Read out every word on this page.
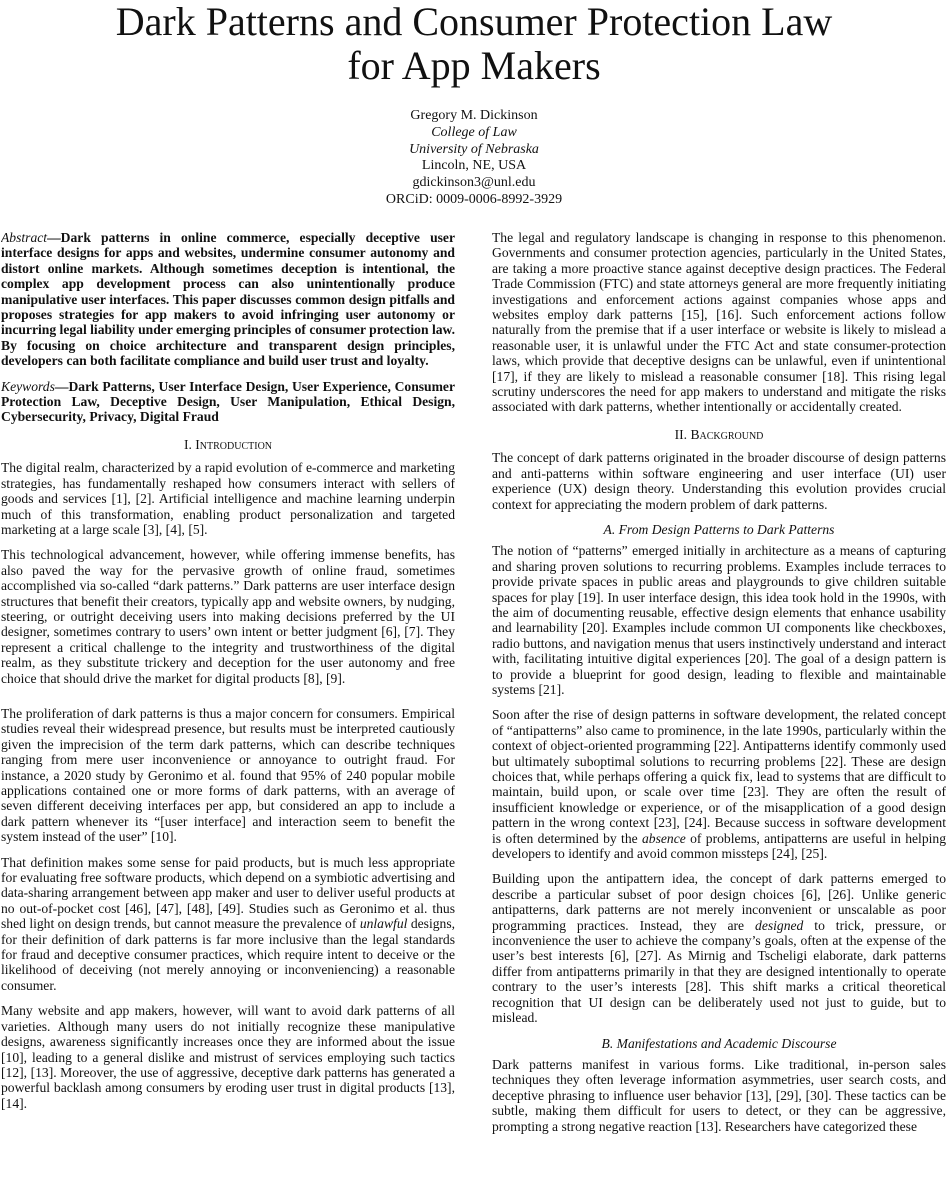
Dark Patterns and Consumer Protection Law
for App Makers
Gregory M. Dickinson
College of Law
University of Nebraska
Lincoln, NE, USA
gdickinson3@unl.edu
ORCiD: 0009-0006-8992-3929

Abstract—Dark patterns in online commerce, especially deceptive user interface designs for apps and websites, undermine consumer autonomy and distort online markets. Although sometimes deception is intentional, the complex app development process can also unintentionally produce manipulative user interfaces. This paper discusses common design pitfalls and proposes strategies for app makers to avoid infringing user autonomy or incurring legal liability under emerging principles of consumer protection law. By focusing on choice architecture and transparent design principles, developers can both facilitate compliance and build user trust and loyalty.

Keywords—Dark Patterns, User Interface Design, User Experience, Consumer Protection Law, Deceptive Design, User Manipulation, Ethical Design, Cybersecurity, Privacy, Digital Fraud

I. Introduction

The digital realm, characterized by a rapid evolution of e-commerce and marketing strategies, has fundamentally reshaped how consumers interact with sellers of goods and services [1], [2]. Artificial intelligence and machine learning underpin much of this transformation, enabling product personalization and targeted marketing at a large scale [3], [4], [5].

This technological advancement, however, while offering immense benefits, has also paved the way for the pervasive growth of online fraud, sometimes accomplished via so-called “dark patterns.” Dark patterns are user interface design structures that benefit their creators, typically app and website owners, by nudging, steering, or outright deceiving users into making decisions preferred by the UI designer, sometimes contrary to users’ own intent or better judgment [6], [7]. They represent a critical challenge to the integrity and trustworthiness of the digital realm, as they substitute trickery and deception for the user autonomy and free choice that should drive the market for digital products [8], [9].

The proliferation of dark patterns is thus a major concern for consumers. Empirical studies reveal their widespread presence, but results must be interpreted cautiously given the imprecision of the term dark patterns, which can describe techniques ranging from mere user inconvenience or annoyance to outright fraud. For instance, a 2020 study by Geronimo et al. found that 95% of 240 popular mobile applications contained one or more forms of dark patterns, with an average of seven different deceiving interfaces per app, but considered an app to include a dark pattern whenever its “[user interface] and interaction seem to benefit the system instead of the user” [10].

That definition makes some sense for paid products, but is much less appropriate for evaluating free software products, which depend on a symbiotic advertising and data-sharing arrangement between app maker and user to deliver useful products at no out-of-pocket cost [46], [47], [48], [49]. Studies such as Geronimo et al. thus shed light on design trends, but cannot measure the prevalence of unlawful designs, for their definition of dark patterns is far more inclusive than the legal standards for fraud and deceptive consumer practices, which require intent to deceive or the likelihood of deceiving (not merely annoying or inconveniencing) a reasonable consumer.

Many website and app makers, however, will want to avoid dark patterns of all varieties. Although many users do not initially recognize these manipulative designs, awareness significantly increases once they are informed about the issue [10], leading to a general dislike and mistrust of services employing such tactics [12], [13]. Moreover, the use of aggressive, deceptive dark patterns has generated a powerful backlash among consumers by eroding user trust in digital products [13], [14].

The legal and regulatory landscape is changing in response to this phenomenon. Governments and consumer protection agencies, particularly in the United States, are taking a more proactive stance against deceptive design practices. The Federal Trade Commission (FTC) and state attorneys general are more frequently initiating investigations and enforcement actions against companies whose apps and websites employ dark patterns [15], [16]. Such enforcement actions follow naturally from the premise that if a user interface or website is likely to mislead a reasonable user, it is unlawful under the FTC Act and state consumer-protection laws, which provide that deceptive designs can be unlawful, even if unintentional [17], if they are likely to mislead a reasonable consumer [18]. This rising legal scrutiny underscores the need for app makers to understand and mitigate the risks associated with dark patterns, whether intentionally or accidentally created.

II. Background

The concept of dark patterns originated in the broader discourse of design patterns and anti-patterns within software engineering and user interface (UI) user experience (UX) design theory. Understanding this evolution provides crucial context for appreciating the modern problem of dark patterns.

A. From Design Patterns to Dark Patterns

The notion of “patterns” emerged initially in architecture as a means of capturing and sharing proven solutions to recurring problems. Examples include terraces to provide private spaces in public areas and playgrounds to give children suitable spaces for play [19]. In user interface design, this idea took hold in the 1990s, with the aim of documenting reusable, effective design elements that enhance usability and learnability [20]. Examples include common UI components like checkboxes, radio buttons, and navigation menus that users instinctively understand and interact with, facilitating intuitive digital experiences [20]. The goal of a design pattern is to provide a blueprint for good design, leading to flexible and maintainable systems [21].

Soon after the rise of design patterns in software development, the related concept of “antipatterns” also came to prominence, in the late 1990s, particularly within the context of object-oriented programming [22]. Antipatterns identify commonly used but ultimately suboptimal solutions to recurring problems [22]. These are design choices that, while perhaps offering a quick fix, lead to systems that are difficult to maintain, build upon, or scale over time [23]. They are often the result of insufficient knowledge or experience, or of the misapplication of a good design pattern in the wrong context [23], [24]. Because success in software development is often determined by the absence of problems, antipatterns are useful in helping developers to identify and avoid common missteps [24], [25].

Building upon the antipattern idea, the concept of dark patterns emerged to describe a particular subset of poor design choices [6], [26]. Unlike generic antipatterns, dark patterns are not merely inconvenient or unscalable as poor programming practices. Instead, they are designed to trick, pressure, or inconvenience the user to achieve the company’s goals, often at the expense of the user’s best interests [6], [27]. As Mirnig and Tscheligi elaborate, dark patterns differ from antipatterns primarily in that they are designed intentionally to operate contrary to the user’s interests [28]. This shift marks a critical theoretical recognition that UI design can be deliberately used not just to guide, but to mislead.

B. Manifestations and Academic Discourse

Dark patterns manifest in various forms. Like traditional, in-person sales techniques they often leverage information asymmetries, user search costs, and deceptive phrasing to influence user behavior [13], [29], [30]. These tactics can be subtle, making them difficult for users to detect, or they can be aggressive, prompting a strong negative reaction [13]. Researchers have categorized these
